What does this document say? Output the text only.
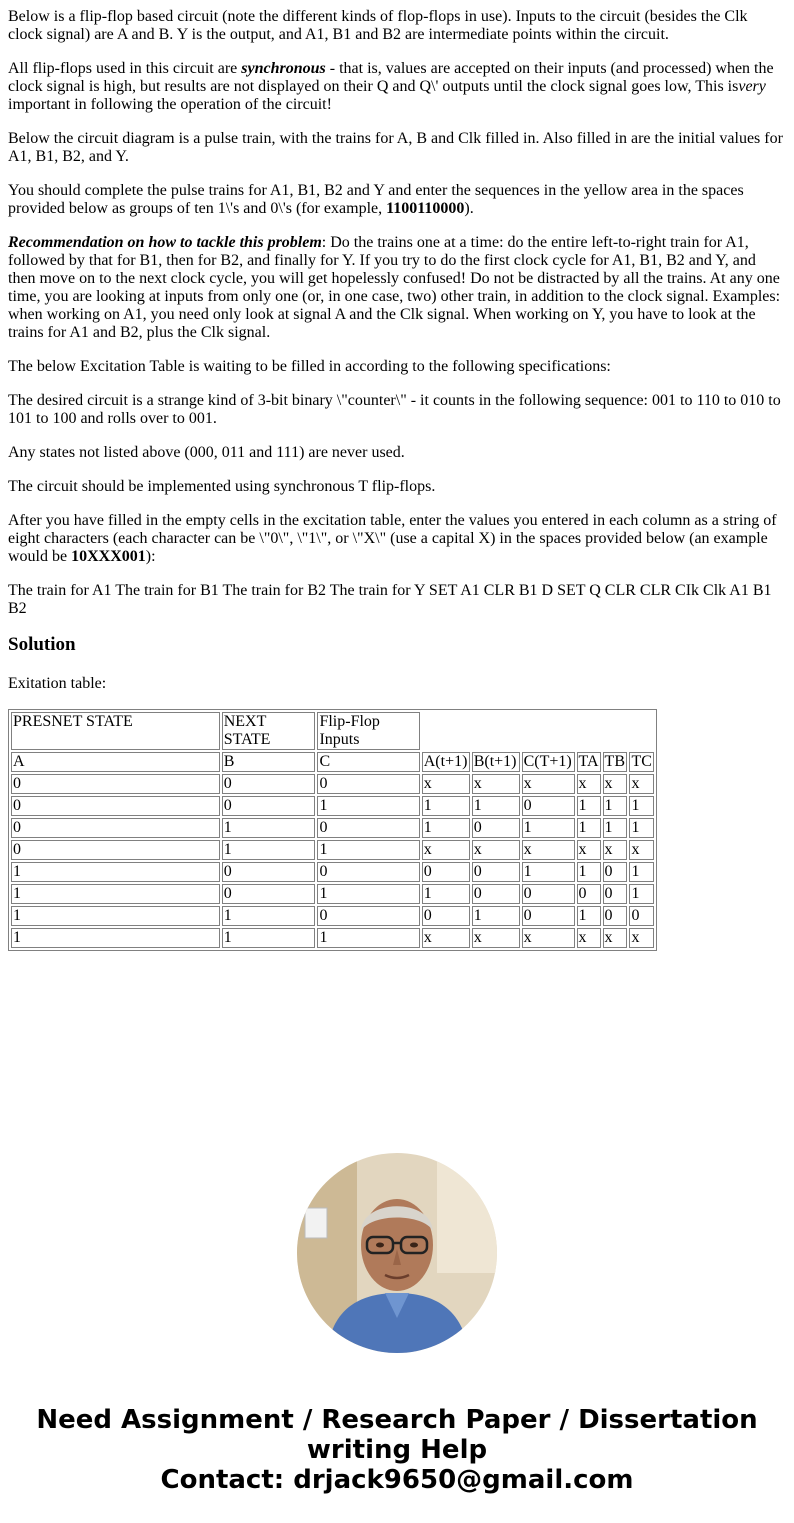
Below is a flip-flop based circuit (note the different kinds of flop-flops in use). Inputs to the circuit (besides the Clk clock signal) are A and B. Y is the output, and A1, B1 and B2 are intermediate points within the circuit.

All flip-flops used in this circuit are synchronous - that is, values are accepted on their inputs (and processed) when the clock signal is high, but results are not displayed on their Q and Q\' outputs until the clock signal goes low, This isvery important in following the operation of the circuit!

Below the circuit diagram is a pulse train, with the trains for A, B and Clk filled in. Also filled in are the initial values for A1, B1, B2, and Y.

You should complete the pulse trains for A1, B1, B2 and Y and enter the sequences in the yellow area in the spaces provided below as groups of ten 1\'s and 0\'s (for example, 1100110000).

Recommendation on how to tackle this problem: Do the trains one at a time: do the entire left-to-right train for A1, followed by that for B1, then for B2, and finally for Y. If you try to do the first clock cycle for A1, B1, B2 and Y, and then move on to the next clock cycle, you will get hopelessly confused! Do not be distracted by all the trains. At any one time, you are looking at inputs from only one (or, in one case, two) other train, in addition to the clock signal. Examples: when working on A1, you need only look at signal A and the Clk signal. When working on Y, you have to look at the trains for A1 and B2, plus the Clk signal.

The below Excitation Table is waiting to be filled in according to the following specifications:

The desired circuit is a strange kind of 3-bit binary \"counter\" - it counts in the following sequence: 001 to 110 to 010 to 101 to 100 and rolls over to 001.

Any states not listed above (000, 011 and 111) are never used.

The circuit should be implemented using synchronous T flip-flops.

After you have filled in the empty cells in the excitation table, enter the values you entered in each column as a string of eight characters (each character can be \"0\", \"1\", or \"X\" (use a capital X) in the spaces provided below (an example would be 10XXX001):

The train for A1 The train for B1 The train for B2 The train for Y SET A1 CLR B1 D SET Q CLR CLR CIk Clk A1 B1 B2

Solution

Exitation table:

PRESNET STATE	NEXT STATE	Flip-Flop Inputs						
A	B	C	A(t+1)	B(t+1)	C(T+1)	TA	TB	TC
0	0	0	x	x	x	x	x	x
0	0	1	1	1	0	1	1	1
0	1	0	1	0	1	1	1	1
0	1	1	x	x	x	x	x	x
1	0	0	0	0	1	1	0	1
1	0	1	1	0	0	0	0	1
1	1	0	0	1	0	1	0	0
1	1	1	x	x	x	x	x	x
Need Assignment / Research Paper / Dissertation
writing Help
Contact: drjack9650@gmail.com
